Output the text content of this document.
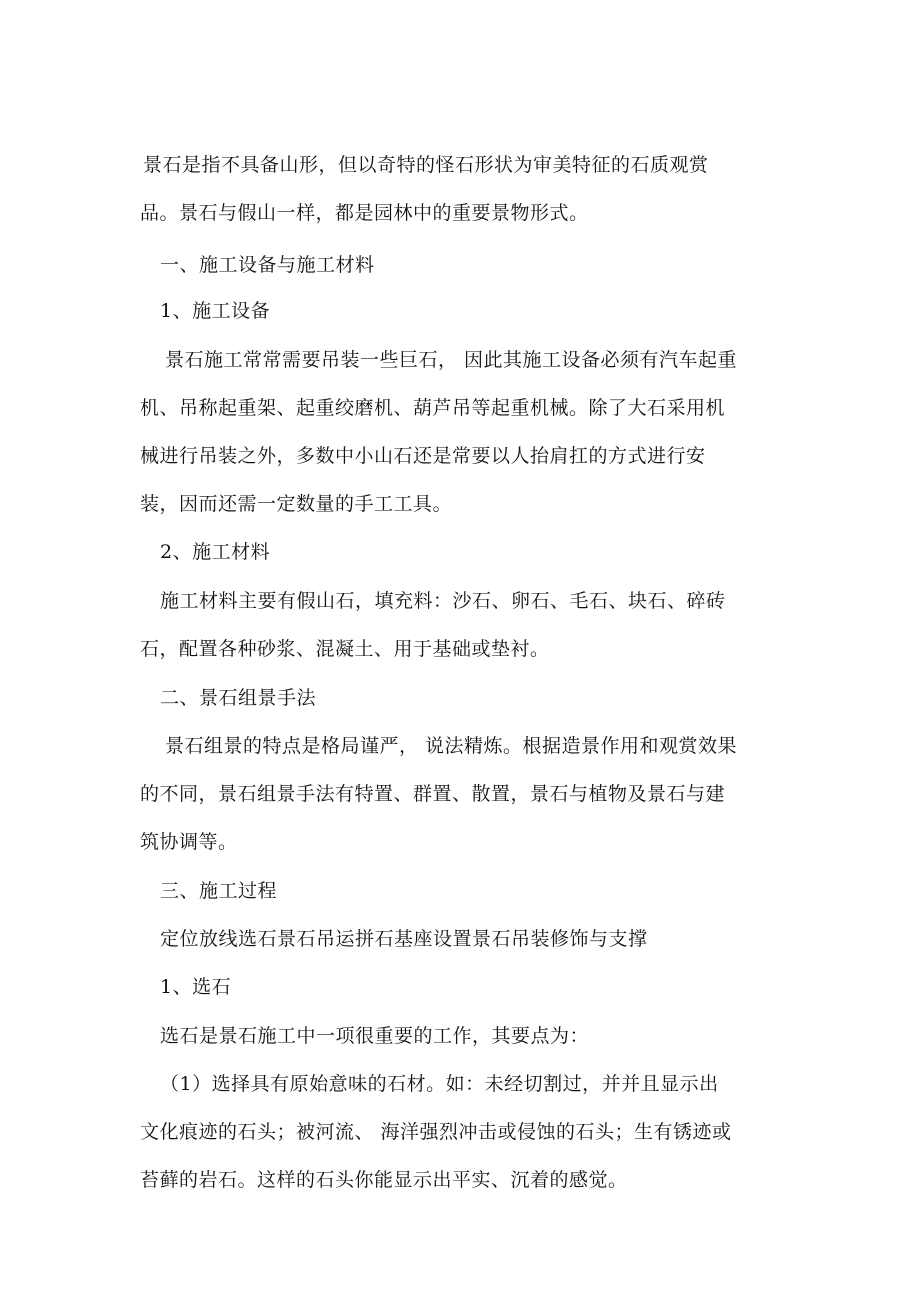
景石是指不具备山形，但以奇特的怪石形状为审美特征的石质观赏
品。景石与假山一样，都是园林中的重要景物形式。
一、施工设备与施工材料
1、施工设备
景石施工常常需要吊装一些巨石， 因此其施工设备必须有汽车起重
机、吊称起重架、起重绞磨机、葫芦吊等起重机械。除了大石采用机
械进行吊装之外，多数中小山石还是常要以人抬肩扛的方式进行安
装，因而还需一定数量的手工工具。
2、施工材料
施工材料主要有假山石，填充料：沙石、卵石、毛石、块石、碎砖
石，配置各种砂浆、混凝土、用于基础或垫衬。
二、景石组景手法
景石组景的特点是格局谨严， 说法精炼。根据造景作用和观赏效果
的不同，景石组景手法有特置、群置、散置，景石与植物及景石与建
筑协调等。
三、施工过程
定位放线选石景石吊运拼石基座设置景石吊装修饰与支撑
1、选石
选石是景石施工中一项很重要的工作，其要点为：
（1）选择具有原始意味的石材。如：未经切割过，并并且显示出
文化痕迹的石头；被河流、 海洋强烈冲击或侵蚀的石头；生有锈迹或
苔藓的岩石。这样的石头你能显示出平实、沉着的感觉。
